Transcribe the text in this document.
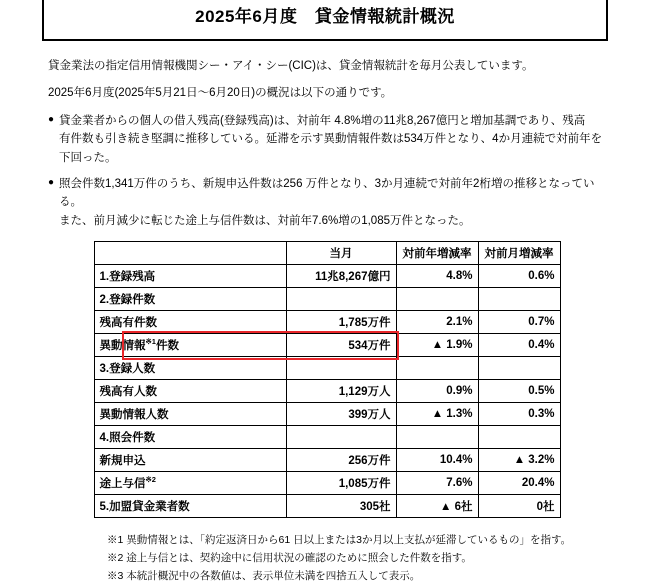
2025年6月度　貸金情報統計概況

貸金業法の指定信用情報機関シー・アイ・シー(CIC)は、貸金情報統計を毎月公表しています。

2025年6月度(2025年5月21日～6月20日)の概況は以下の通りです。

● 貸金業者からの個人の借入残高(登録残高)は、対前年 4.8%増の11兆8,267億円と増加基調であり、残高
有件数も引き続き堅調に推移している。延滞を示す異動情報件数は534万件となり、4か月連続で対前年を
下回った。
● 照会件数1,341万件のうち、新規申込件数は256 万件となり、3か月連続で対前年2桁増の推移となっている。
また、前月減少に転じた途上与信件数は、対前年7.6%増の1,085万件となった。
	当月	対前年増減率	対前月増減率
1.登録残高	11兆8,267億円	4.8%	0.6%
2.登録件数			
残高有件数	1,785万件	2.1%	0.7%
異動情報$^{※1}$件数	534万件	▲ 1.9%	0.4%
3.登録人数			
残高有人数	1,129万人	0.9%	0.5%
異動情報人数	399万人	▲ 1.3%	0.3%
4.照会件数			
新規申込	256万件	10.4%	▲ 3.2%
途上与信$^{※2}$	1,085万件	7.6%	20.4%
5.加盟貸金業者数	305社	▲ 6社	0社
※1 異動情報とは、「約定返済日から61 日以上または3か月以上支払が延滞しているもの」を指す。
※2 途上与信とは、契約途中に信用状況の確認のために照会した件数を指す。
※3 本統計概況中の各数値は、表示単位未満を四捨五入して表示。
